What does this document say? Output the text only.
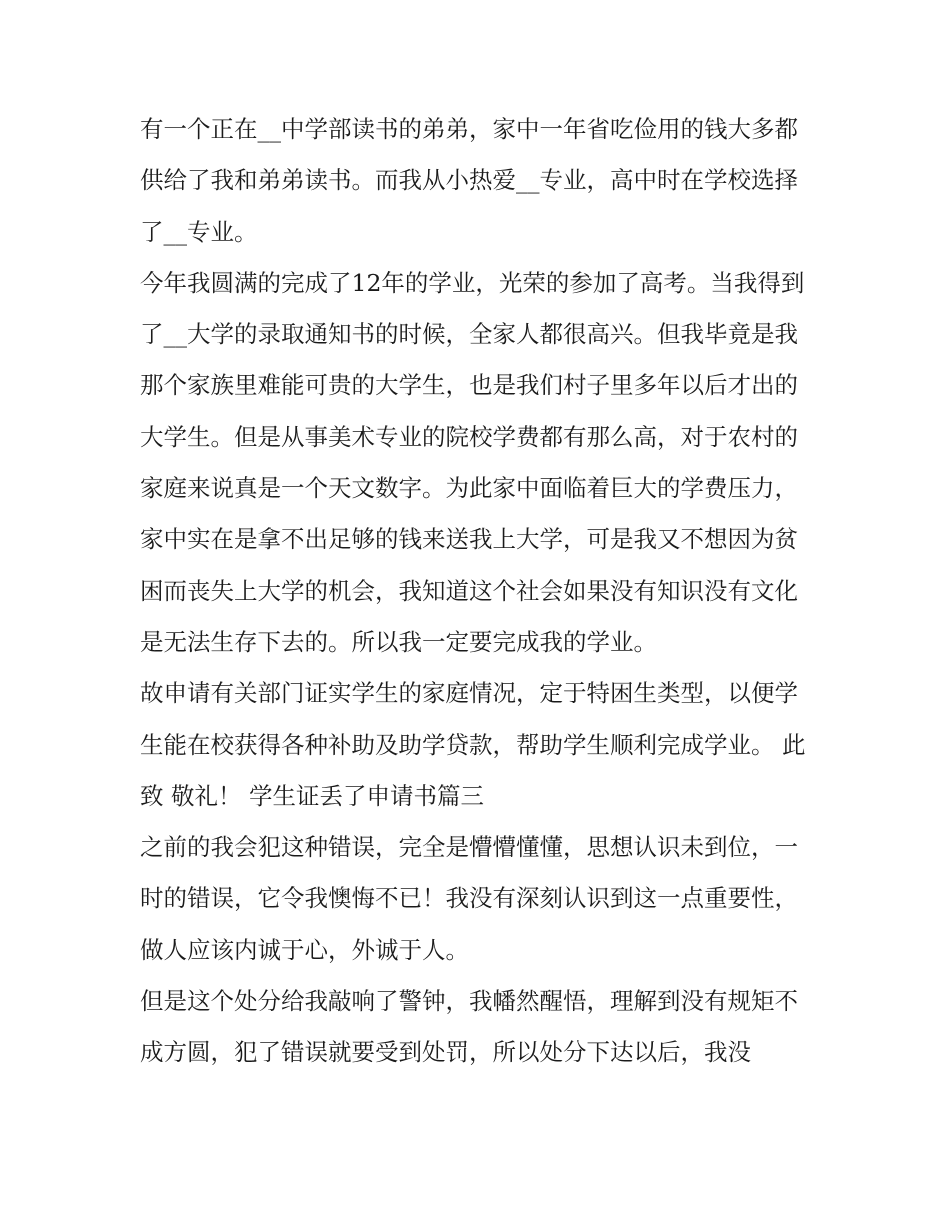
有一个正在__中学部读书的弟弟，家中一年省吃俭用的钱大多都供给了我和弟弟读书。而我从小热爱__专业，高中时在学校选择了__专业。

今年我圆满的完成了12年的学业，光荣的参加了高考。当我得到了__大学的录取通知书的时候，全家人都很高兴。但我毕竟是我那个家族里难能可贵的大学生，也是我们村子里多年以后才出的大学生。但是从事美术专业的院校学费都有那么高，对于农村的家庭来说真是一个天文数字。为此家中面临着巨大的学费压力，家中实在是拿不出足够的钱来送我上大学，可是我又不想因为贫困而丧失上大学的机会，我知道这个社会如果没有知识没有文化是无法生存下去的。所以我一定要完成我的学业。

故申请有关部门证实学生的家庭情况，定于特困生类型，以便学生能在校获得各种补助及助学贷款，帮助学生顺利完成学业。 此致 敬礼！ 学生证丢了申请书篇三

之前的我会犯这种错误，完全是懵懵懂懂，思想认识未到位，一时的错误，它令我懊悔不已！我没有深刻认识到这一点重要性，做人应该内诚于心，外诚于人。

但是这个处分给我敲响了警钟，我幡然醒悟，理解到没有规矩不成方圆，犯了错误就要受到处罚，所以处分下达以后，我没
